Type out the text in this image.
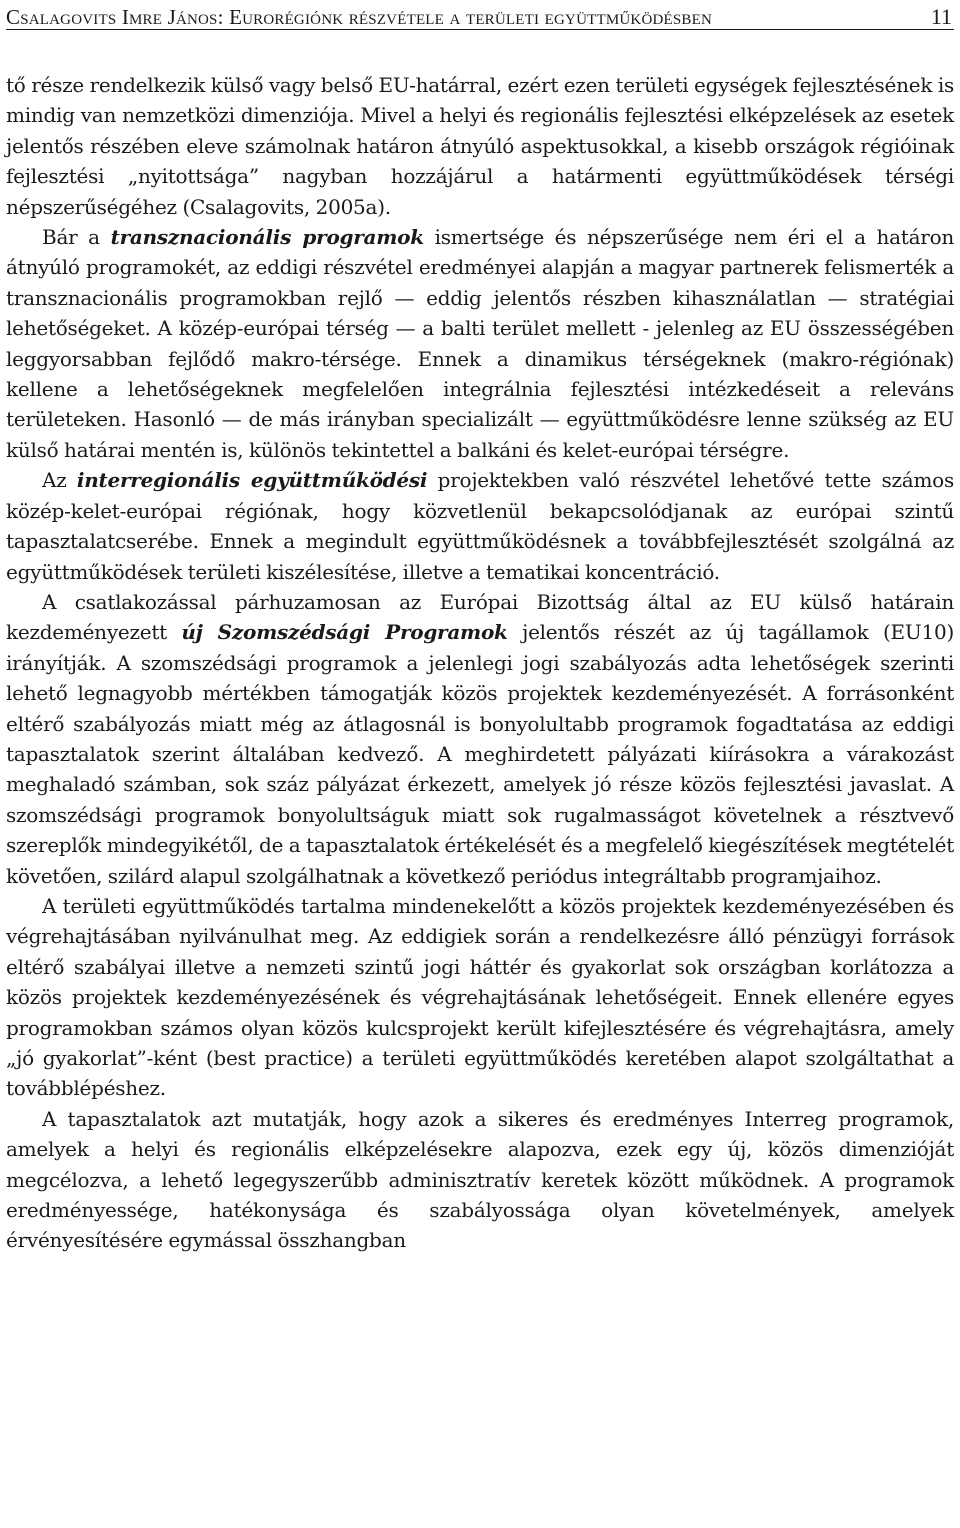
Csalagovits Imre János: Eurorégiónk részvétele a területi együttműködésben	11

tő része rendelkezik külső vagy belső EU-határral, ezért ezen területi egységek fejlesztésének is mindig van nemzetközi dimenziója. Mivel a helyi és regionális fejlesztési elképzelések az esetek jelentős részében eleve számolnak határon átnyúló aspektusokkal, a kisebb országok régióinak fejlesztési „nyitottsága” nagyban hozzájárul a határmenti együttműködések térségi népszerűségéhez (Csalagovits, 2005a).

Bár a transznacionális programok ismertsége és népszerűsége nem éri el a határon átnyúló programokét, az eddigi részvétel eredményei alapján a magyar partnerek felismerték a transznacionális programokban rejlő — eddig jelentős részben kihasználatlan — stratégiai lehetőségeket. A közép-európai térség — a balti terület mellett - jelenleg az EU összességében leggyorsabban fejlődő makro-térsége. Ennek a dinamikus térségeknek (makro-régiónak) kellene a lehetőségeknek megfelelően integrálnia fejlesztési intézkedéseit a releváns területeken. Hasonló — de más irányban specializált — együttműködésre lenne szükség az EU külső határai mentén is, különös tekintettel a balkáni és kelet-európai térségre.

Az interregionális együttműködési projektekben való részvétel lehetővé tette számos közép-kelet-európai régiónak, hogy közvetlenül bekapcsolódjanak az európai szintű tapasztalatcserébe. Ennek a megindult együttműködésnek a továbbfejlesztését szolgálná az együttműködések területi kiszélesítése, illetve a tematikai koncentráció.

A csatlakozással párhuzamosan az Európai Bizottság által az EU külső határain kezdeményezett új Szomszédsági Programok jelentős részét az új tagállamok (EU10) irányítják. A szomszédsági programok a jelenlegi jogi szabályozás adta lehetőségek szerinti lehető legnagyobb mértékben támogatják közös projektek kezdeményezését. A forrásonként eltérő szabályozás miatt még az átlagosnál is bonyolultabb programok fogadtatása az eddigi tapasztalatok szerint általában kedvező. A meghirdetett pályázati kiírásokra a várakozást meghaladó számban, sok száz pályázat érkezett, amelyek jó része közös fejlesztési javaslat. A szomszédsági programok bonyolultságuk miatt sok rugalmasságot követelnek a résztvevő szereplők mindegyikétől, de a tapasztalatok értékelését és a megfelelő kiegészítések megtételét követően, szilárd alapul szolgálhatnak a következő periódus integráltabb programjaihoz.

A területi együttműködés tartalma mindenekelőtt a közös projektek kezdeményezésében és végrehajtásában nyilvánulhat meg. Az eddigiek során a rendelkezésre álló pénzügyi források eltérő szabályai illetve a nemzeti szintű jogi háttér és gyakorlat sok országban korlátozza a közös projektek kezdeményezésének és végrehajtásának lehetőségeit. Ennek ellenére egyes programokban számos olyan közös kulcsprojekt került kifejlesztésére és végrehajtásra, amely „jó gyakorlat”-ként (best practice) a területi együttműködés keretében alapot szolgáltathat a továbblépéshez.

A tapasztalatok azt mutatják, hogy azok a sikeres és eredményes Interreg programok, amelyek a helyi és regionális elképzelésekre alapozva, ezek egy új, közös dimenzióját megcélozva, a lehető legegyszerűbb adminisztratív keretek között működnek. A programok eredményessége, hatékonysága és szabályossága olyan követelmények, amelyek érvényesítésére egymással összhangban
